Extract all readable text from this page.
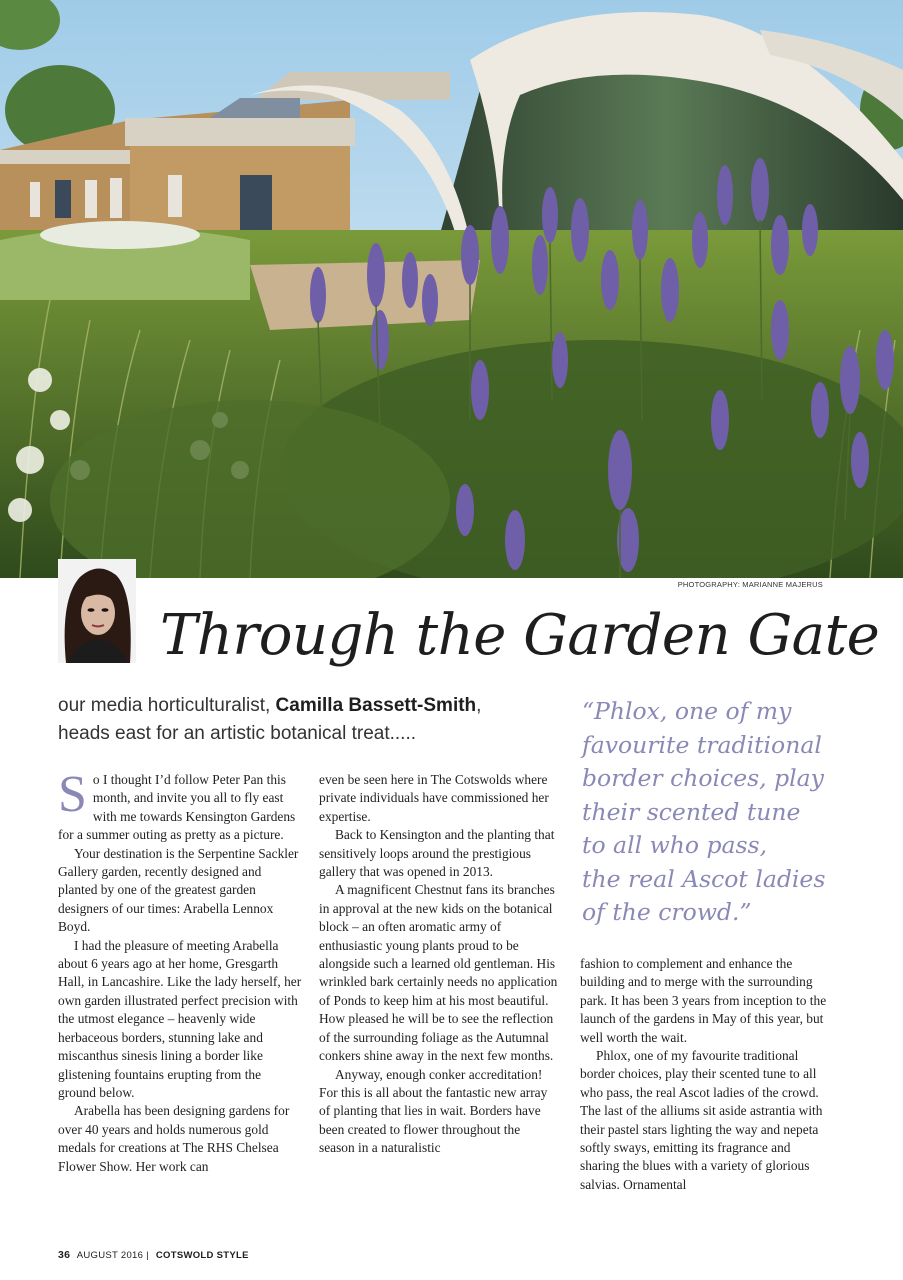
PHOTOGRAPHY: MARIANNE MAJERUS
Through the Garden Gate
our media horticulturalist, Camilla Bassett-Smith,
heads east for an artistic botanical treat.....
“Phlox, one of my
favourite traditional
border choices, play
their scented tune
to all who pass,
the real Ascot ladies
of the crowd.”

So I thought I’d follow Peter Pan this month, and invite you all to fly east with me towards Kensington Gardens for a summer outing as pretty as a picture.

Your destination is the Serpentine Sackler Gallery garden, recently designed and planted by one of the greatest garden designers of our times: Arabella Lennox Boyd.

I had the pleasure of meeting Arabella about 6 years ago at her home, Gresgarth Hall, in Lancashire. Like the lady herself, her own garden illustrated perfect precision with the utmost elegance – heavenly wide herbaceous borders, stunning lake and miscanthus sinesis lining a border like glistening fountains erupting from the ground below.

Arabella has been designing gardens for over 40 years and holds numerous gold medals for creations at The RHS Chelsea Flower Show. Her work can

even be seen here in The Cotswolds where private individuals have commissioned her expertise.

Back to Kensington and the planting that sensitively loops around the prestigious gallery that was opened in 2013.

A magnificent Chestnut fans its branches in approval at the new kids on the botanical block – an often aromatic army of enthusiastic young plants proud to be alongside such a learned old gentleman. His wrinkled bark certainly needs no application of Ponds to keep him at his most beautiful. How pleased he will be to see the reflection of the surrounding foliage as the Autumnal conkers shine away in the next few months.

Anyway, enough conker accreditation! For this is all about the fantastic new array of planting that lies in wait. Borders have been created to flower throughout the season in a naturalistic

fashion to complement and enhance the building and to merge with the surrounding park. It has been 3 years from inception to the launch of the gardens in May of this year, but well worth the wait.

Phlox, one of my favourite traditional border choices, play their scented tune to all who pass, the real Ascot ladies of the crowd. The last of the alliums sit aside astrantia with their pastel stars lighting the way and nepeta softly sways, emitting its fragrance and sharing the blues with a variety of glorious salvias. Ornamental

36 AUGUST 2016 | COTSWOLD STYLE
